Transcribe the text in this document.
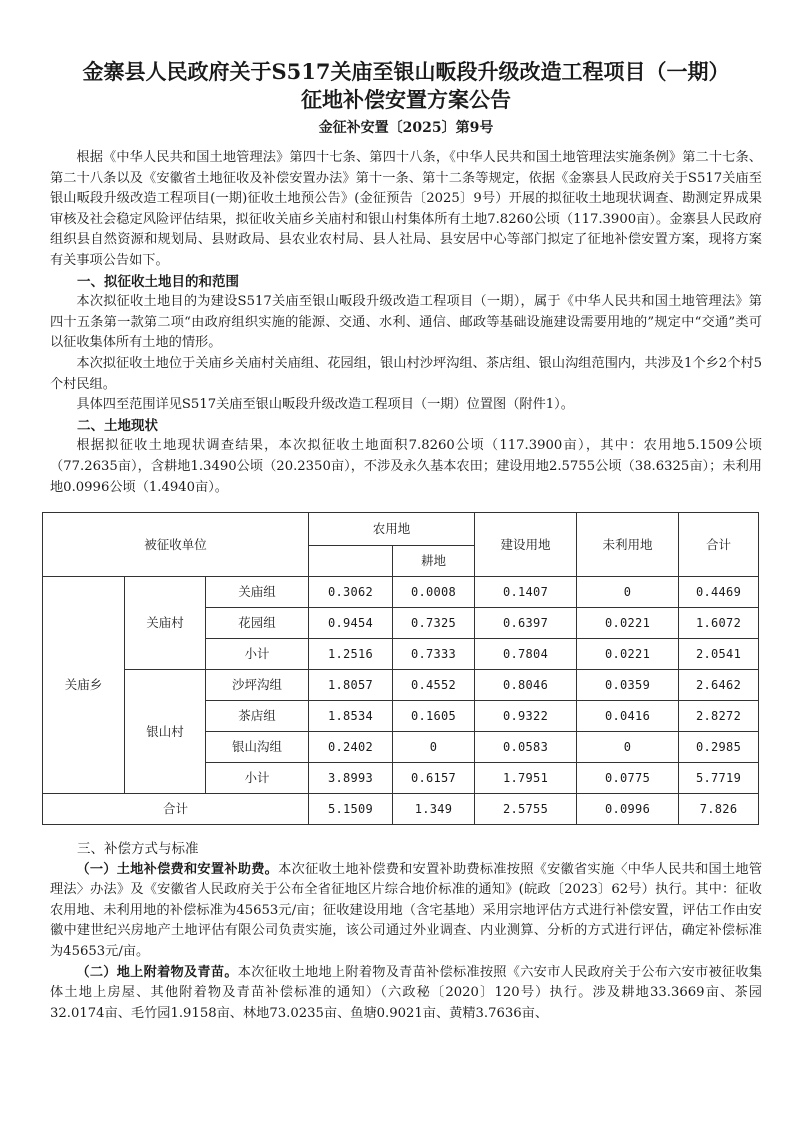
金寨县人民政府关于S517关庙至银山畈段升级改造工程项目（一期）
征地补偿安置方案公告
金征补安置〔2025〕第9号

根据《中华人民共和国土地管理法》第四十七条、第四十八条，《中华人民共和国土地管理法实施条例》第二十七条、第二十八条以及《安徽省土地征收及补偿安置办法》第十一条、第十二条等规定，依据《金寨县人民政府关于S517关庙至银山畈段升级改造工程项目(一期)征收土地预公告》(金征预告〔2025〕9号）开展的拟征收土地现状调查、勘测定界成果审核及社会稳定风险评估结果，拟征收关庙乡关庙村和银山村集体所有土地7.8260公顷（117.3900亩）。金寨县人民政府组织县自然资源和规划局、县财政局、县农业农村局、县人社局、县安居中心等部门拟定了征地补偿安置方案，现将方案有关事项公告如下。

一、拟征收土地目的和范围

本次拟征收土地目的为建设S517关庙至银山畈段升级改造工程项目（一期），属于《中华人民共和国土地管理法》第四十五条第一款第二项“由政府组织实施的能源、交通、水利、通信、邮政等基础设施建设需要用地的”规定中“交通”类可以征收集体所有土地的情形。

本次拟征收土地位于关庙乡关庙村关庙组、花园组，银山村沙坪沟组、茶店组、银山沟组范围内，共涉及1个乡2个村5个村民组。

具体四至范围详见S517关庙至银山畈段升级改造工程项目（一期）位置图（附件1）。

二、土地现状

根据拟征收土地现状调查结果，本次拟征收土地面积7.8260公顷（117.3900亩），其中：农用地5.1509公顷（77.2635亩），含耕地1.3490公顷（20.2350亩），不涉及永久基本农田；建设用地2.5755公顷（38.6325亩）；未利用地0.0996公顷（1.4940亩）。

被征收单位			农用地		建设用地	未利用地	合计
				耕地			
关庙乡	关庙村	关庙组	0.3062	0.0008	0.1407	0	0.4469
		花园组	0.9454	0.7325	0.6397	0.0221	1.6072
		小计	1.2516	0.7333	0.7804	0.0221	2.0541
	银山村	沙坪沟组	1.8057	0.4552	0.8046	0.0359	2.6462
		茶店组	1.8534	0.1605	0.9322	0.0416	2.8272
		银山沟组	0.2402	0	0.0583	0	0.2985
		小计	3.8993	0.6157	1.7951	0.0775	5.7719
合计			5.1509	1.349	2.5755	0.0996	7.826

三、补偿方式与标准

（一）土地补偿费和安置补助费。本次征收土地补偿费和安置补助费标准按照《安徽省实施〈中华人民共和国土地管理法〉办法》及《安徽省人民政府关于公布全省征地区片综合地价标准的通知》(皖政〔2023〕62号）执行。其中：征收农用地、未利用地的补偿标准为45653元/亩；征收建设用地（含宅基地）采用宗地评估方式进行补偿安置，评估工作由安徽中建世纪兴房地产土地评估有限公司负责实施，该公司通过外业调查、内业测算、分析的方式进行评估，确定补偿标准为45653元/亩。

（二）地上附着物及青苗。本次征收土地地上附着物及青苗补偿标准按照《六安市人民政府关于公布六安市被征收集体土地上房屋、其他附着物及青苗补偿标准的通知）（六政秘〔2020〕120号）执行。涉及耕地33.3669亩、茶园32.0174亩、毛竹园1.9158亩、林地73.0235亩、鱼塘0.9021亩、黄精3.7636亩、
